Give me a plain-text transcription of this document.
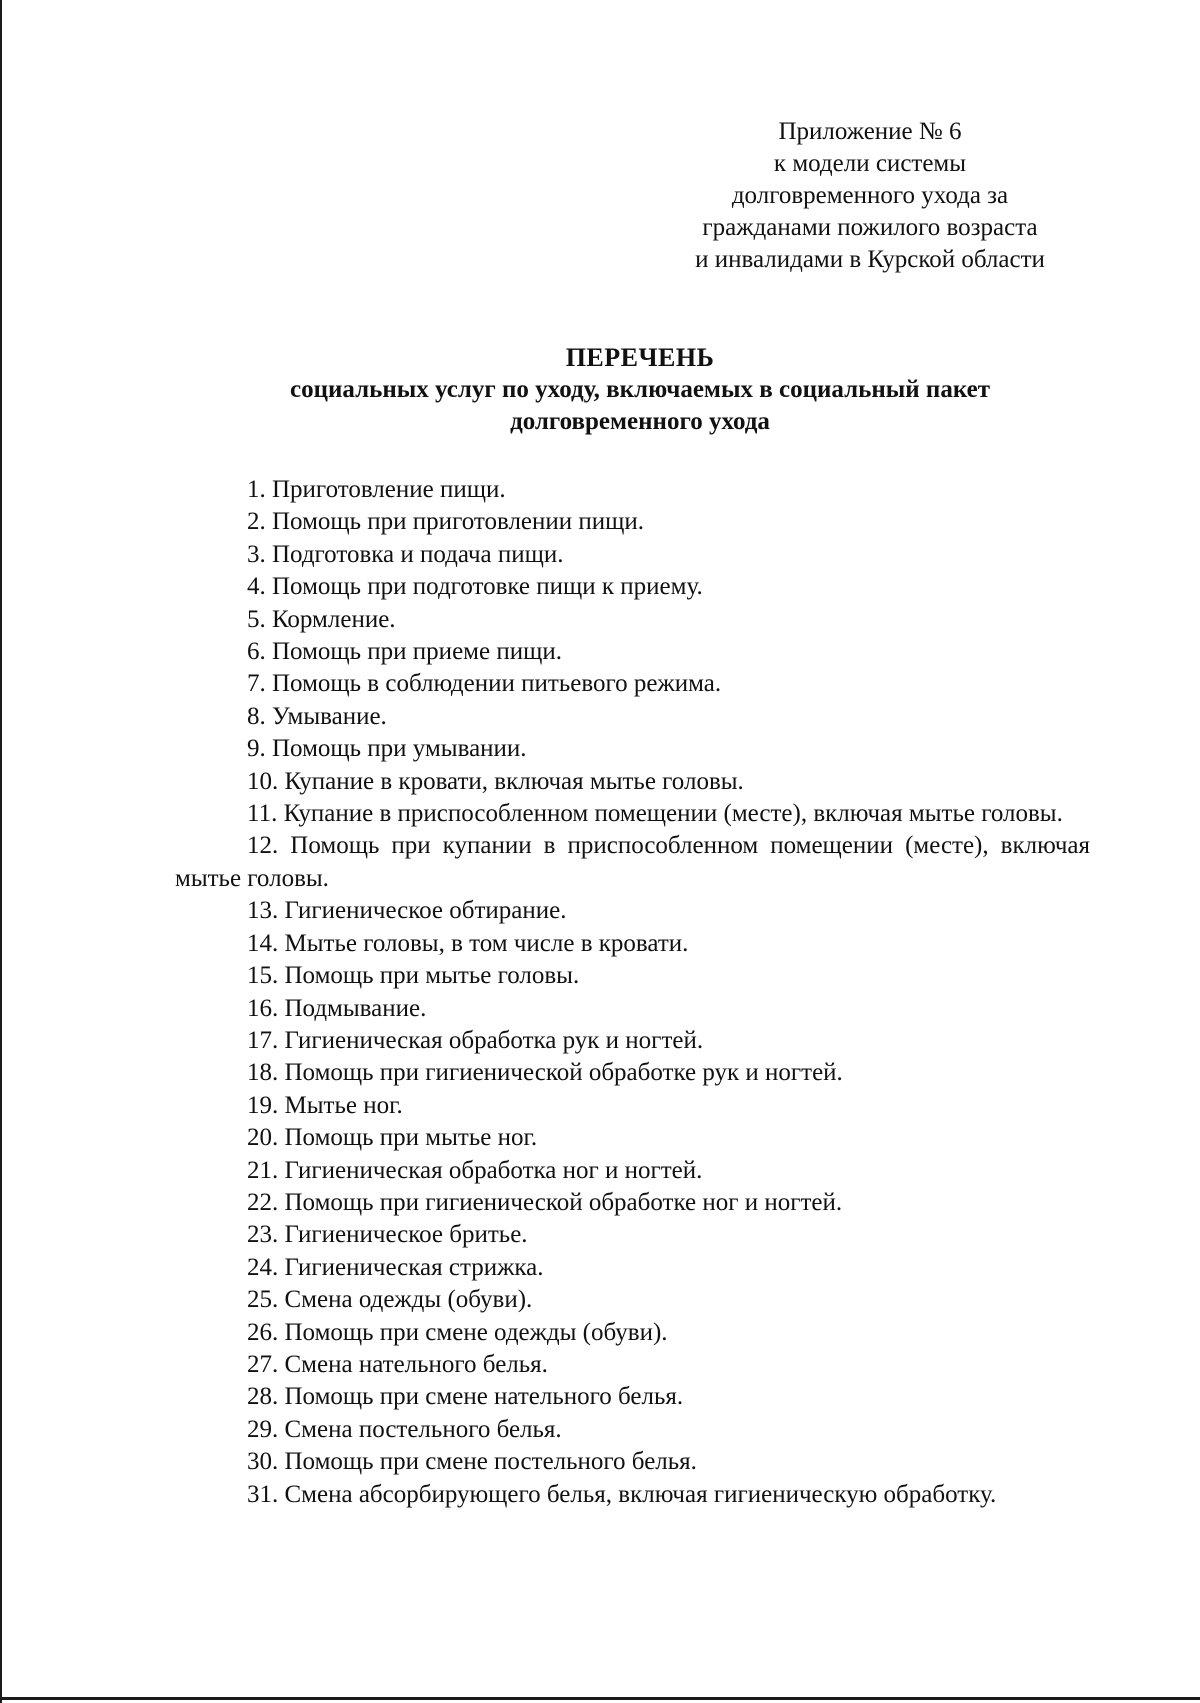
Приложение № 6
к модели системы
долговременного ухода за
гражданами пожилого возраста
и инвалидами в Курской области
ПЕРЕЧЕНЬ
социальных услуг по уходу, включаемых в социальный пакет
долговременного ухода

1. Приготовление пищи.

2. Помощь при приготовлении пищи.

3. Подготовка и подача пищи.

4. Помощь при подготовке пищи к приему.

5. Кормление.

6. Помощь при приеме пищи.

7. Помощь в соблюдении питьевого режима.

8. Умывание.

9. Помощь при умывании.

10. Купание в кровати, включая мытье головы.

11. Купание в приспособленном помещении (месте), включая мытье головы.

12. Помощь при купании в приспособленном помещении (месте), включая мытье головы.

13. Гигиеническое обтирание.

14. Мытье головы, в том числе в кровати.

15. Помощь при мытье головы.

16. Подмывание.

17. Гигиеническая обработка рук и ногтей.

18. Помощь при гигиенической обработке рук и ногтей.

19. Мытье ног.

20. Помощь при мытье ног.

21. Гигиеническая обработка ног и ногтей.

22. Помощь при гигиенической обработке ног и ногтей.

23. Гигиеническое бритье.

24. Гигиеническая стрижка.

25. Смена одежды (обуви).

26. Помощь при смене одежды (обуви).

27. Смена нательного белья.

28. Помощь при смене нательного белья.

29. Смена постельного белья.

30. Помощь при смене постельного белья.

31. Смена абсорбирующего белья, включая гигиеническую обработку.
